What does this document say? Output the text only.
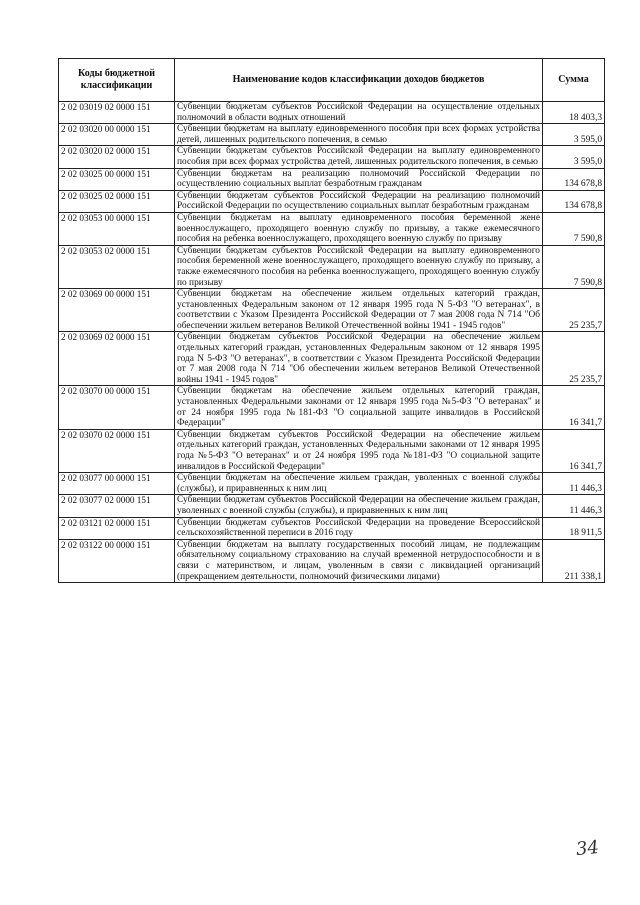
Коды бюджетной классификации	Наименование кодов классификации доходов бюджетов	Сумма
2 02 03019 02 0000 151	Субвенции бюджетам субъектов Российской Федерации на осуществление отдельных полномочий в области водных отношений	18 403,3
2 02 03020 00 0000 151	Субвенции бюджетам на выплату единовременного пособия при всех формах устройства детей, лишенных родительского попечения, в семью	3 595,0
2 02 03020 02 0000 151	Субвенции бюджетам субъектов Российской Федерации на выплату единовременного пособия при всех формах устройства детей, лишенных родительского попечения, в семью	3 595,0
2 02 03025 00 0000 151	Субвенции бюджетам на реализацию полномочий Российской Федерации по осуществлению социальных выплат безработным гражданам	134 678,8
2 02 03025 02 0000 151	Субвенции бюджетам субъектов Российской Федерации на реализацию полномочий Российской Федерации по осуществлению социальных выплат безработным гражданам	134 678,8
2 02 03053 00 0000 151	Субвенции бюджетам на выплату единовременного пособия беременной жене военнослужащего, проходящего военную службу по призыву, а также ежемесячного пособия на ребенка военнослужащего, проходящего военную службу по призыву	7 590,8
2 02 03053 02 0000 151	Субвенции бюджетам субъектов Российской Федерации на выплату единовременного пособия беременной жене военнослужащего, проходящего военную службу по призыву, а также ежемесячного пособия на ребенка военнослужащего, проходящего военную службу по призыву	7 590,8
2 02 03069 00 0000 151	Субвенции бюджетам на обеспечение жильем отдельных категорий граждан, установленных Федеральным законом от 12 января 1995 года N 5-ФЗ "О ветеранах", в соответствии с Указом Президента Российской Федерации от 7 мая 2008 года N 714 "Об обеспечении жильем ветеранов Великой Отечественной войны 1941 - 1945 годов"	25 235,7
2 02 03069 02 0000 151	Субвенции бюджетам субъектов Российской Федерации на обеспечение жильем отдельных категорий граждан, установленных Федеральным законом от 12 января 1995 года N 5-ФЗ "О ветеранах", в соответствии с Указом Президента Российской Федерации от 7 мая 2008 года N 714 "Об обеспечении жильем ветеранов Великой Отечественной войны 1941 - 1945 годов"	25 235,7
2 02 03070 00 0000 151	Субвенции бюджетам на обеспечение жильем отдельных категорий граждан, установленных Федеральными законами от 12 января 1995 года №5-ФЗ "О ветеранах" и от 24 ноября 1995 года №181-ФЗ "О социальной защите инвалидов в Российской Федерации"	16 341,7
2 02 03070 02 0000 151	Субвенции бюджетам субъектов Российской Федерации на обеспечение жильем отдельных категорий граждан, установленных Федеральными законами от 12 января 1995 года №5-ФЗ "О ветеранах" и от 24 ноября 1995 года №181-ФЗ "О социальной защите инвалидов в Российской Федерации"	16 341,7
2 02 03077 00 0000 151	Субвенции бюджетам на обеспечение жильем граждан, уволенных с военной службы (службы), и приравненных к ним лиц	11 446,3
2 02 03077 02 0000 151	Субвенции бюджетам субъектов Российской Федерации на обеспечение жильем граждан, уволенных с военной службы (службы), и приравненных к ним лиц	11 446,3
2 02 03121 02 0000 151	Субвенции бюджетам субъектов Российской Федерации на проведение Всероссийской сельскохозяйственной переписи в 2016 году	18 911,5
2 02 03122 00 0000 151	Субвенции бюджетам на выплату государственных пособий лицам, не подлежащим обязательному социальному страхованию на случай временной нетрудоспособности и в связи с материнством, и лицам, уволенным в связи с ликвидацией организаций (прекращением деятельности, полномочий физическими лицами)	211 338,1
34
